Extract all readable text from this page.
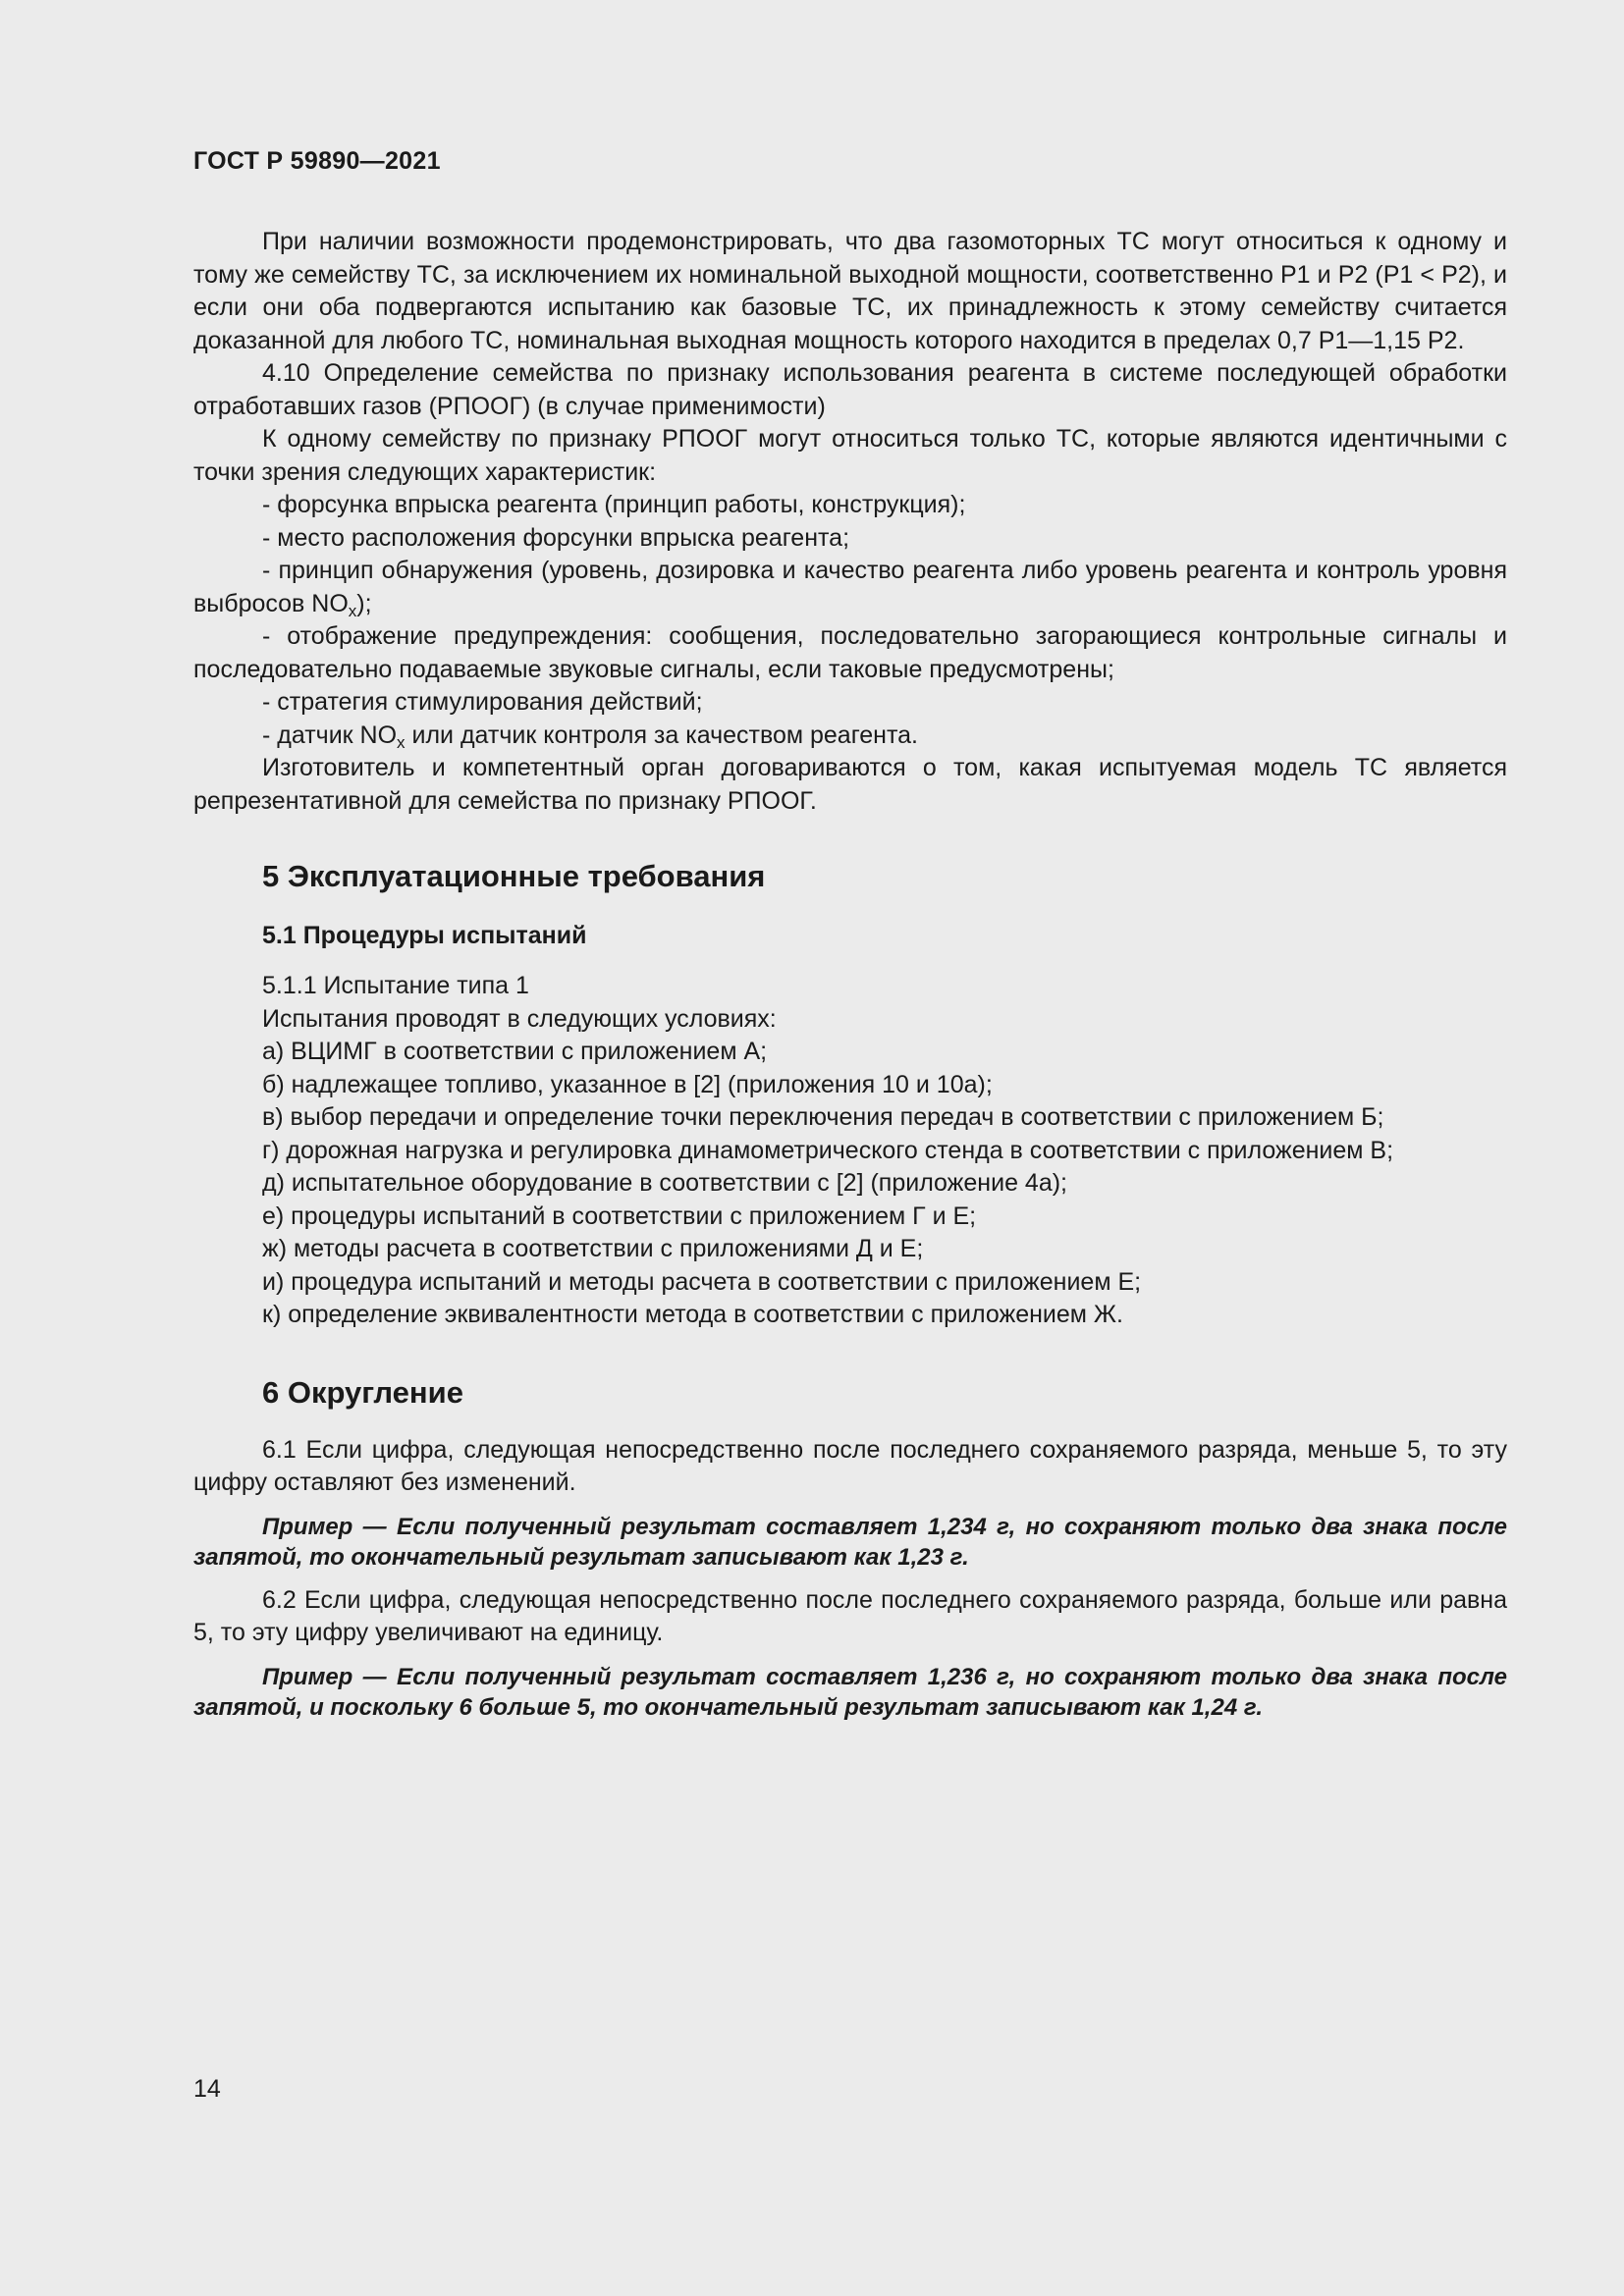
ГОСТ Р 59890—2021

При наличии возможности продемонстрировать, что два газомоторных ТС могут относиться к одному и тому же семейству ТС, за исключением их номинальной выходной мощности, соответственно P1 и P2 (P1 < P2), и если они оба подвергаются испытанию как базовые ТС, их принадлежность к этому семейству считается доказанной для любого ТС, номинальная выходная мощность которого находится в пределах 0,7 P1—1,15 P2.

4.10 Определение семейства по признаку использования реагента в системе последующей обработки отработавших газов (РПООГ) (в случае применимости)

К одному семейству по признаку РПООГ могут относиться только ТС, которые являются идентичными с точки зрения следующих характеристик:

- форсунка впрыска реагента (принцип работы, конструкция);

- место расположения форсунки впрыска реагента;

- принцип обнаружения (уровень, дозировка и качество реагента либо уровень реагента и контроль уровня выбросов $NO_x$);

- отображение предупреждения: сообщения, последовательно загорающиеся контрольные сигналы и последовательно подаваемые звуковые сигналы, если таковые предусмотрены;

- стратегия стимулирования действий;

- датчик $NO_x$ или датчик контроля за качеством реагента.

Изготовитель и компетентный орган договариваются о том, какая испытуемая модель ТС является репрезентативной для семейства по признаку РПООГ.

5 Эксплуатационные требования
5.1 Процедуры испытаний

5.1.1 Испытание типа 1

Испытания проводят в следующих условиях:

а) ВЦИМГ в соответствии с приложением А;

б) надлежащее топливо, указанное в [2] (приложения 10 и 10а);

в) выбор передачи и определение точки переключения передач в соответствии с приложением Б;

г) дорожная нагрузка и регулировка динамометрического стенда в соответствии с приложением В;

д) испытательное оборудование в соответствии с [2] (приложение 4а);

е) процедуры испытаний в соответствии с приложением Г и Е;

ж) методы расчета в соответствии с приложениями Д и Е;

и) процедура испытаний и методы расчета в соответствии с приложением Е;

к) определение эквивалентности метода в соответствии с приложением Ж.

6 Округление

6.1 Если цифра, следующая непосредственно после последнего сохраняемого разряда, меньше 5, то эту цифру оставляют без изменений.

Пример — Если полученный результат составляет 1,234 г, но сохраняют только два знака после запятой, то окончательный результат записывают как 1,23 г.

6.2 Если цифра, следующая непосредственно после последнего сохраняемого разряда, больше или равна 5, то эту цифру увеличивают на единицу.

Пример — Если полученный результат составляет 1,236 г, но сохраняют только два знака после запятой, и поскольку 6 больше 5, то окончательный результат записывают как 1,24 г.

14
